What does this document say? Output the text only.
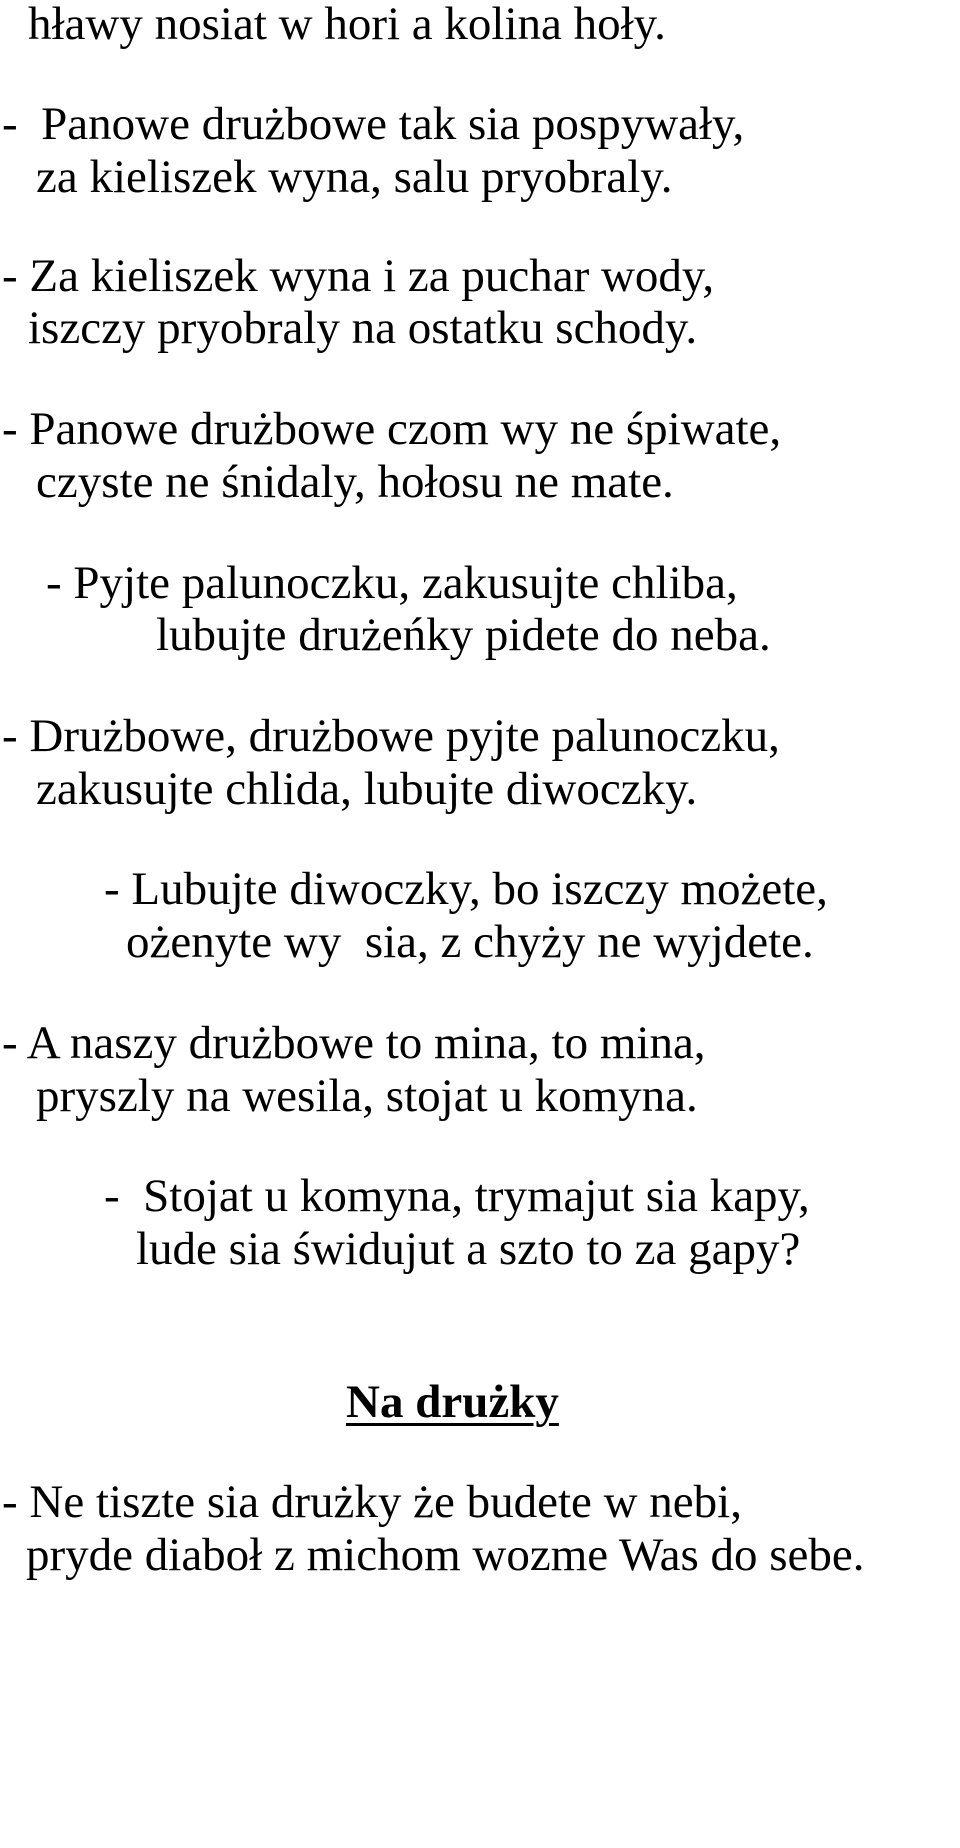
hławy nosiat w hori a kolina hoły.
-  Panowe drużbowe tak sia pospywały,
za kieliszek wyna, salu pryobraly.
- Za kieliszek wyna i za puchar wody,
iszczy pryobraly na ostatku schody.
- Panowe drużbowe czom wy ne śpiwate,
czyste ne śnidaly, hołosu ne mate.
- Pyjte palunoczku, zakusujte chliba,
lubujte drużeńky pidete do neba.
- Drużbowe, drużbowe pyjte palunoczku,
zakusujte chlida, lubujte diwoczky.
- Lubujte diwoczky, bo iszczy możete,
ożenyte wy  sia, z chyży ne wyjdete.
- A naszy drużbowe to mina, to mina,
pryszly na wesila, stojat u komyna.
-  Stojat u komyna, trymajut sia kapy,
lude sia świdujut a szto to za gapy?
Na drużky
- Ne tiszte sia drużky że budete w nebi,
pryde diaboł z michom wozme Was do sebe.
